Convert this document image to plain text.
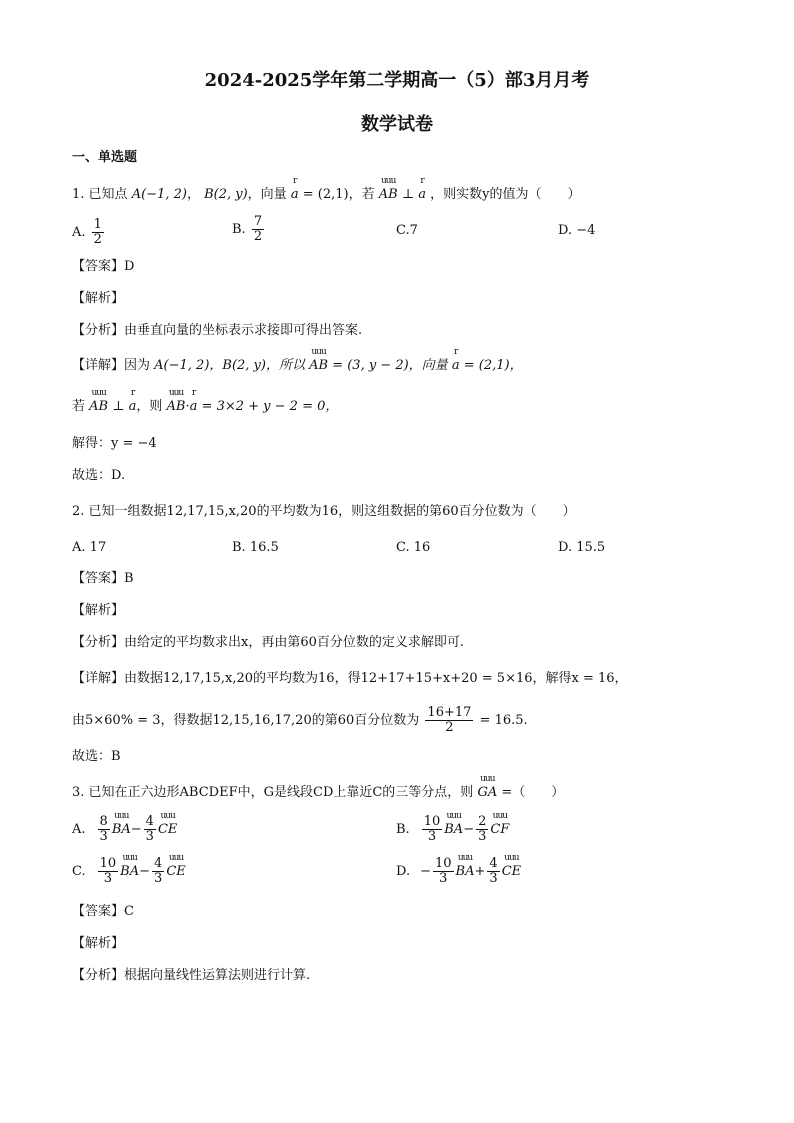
2024-2025学年第二学期高一（5）部3月月考
数学试卷
一、单选题
1. 已知点 A(−1, 2)， B(2, y)，向量
r
a = (2,1)，若
uuu
AB ⊥
r
a ，则实数y的值为（　　）
A. $\frac{1}{2}$	B. $\frac{7}{2}$	C.7	D. −4
【答案】D
【解析】
【分析】由垂直向量的坐标表示求接即可得出答案.
【详解】因为 A(−1, 2)，B(2, y)，所以
uuu
AB = (3, y − 2)，向量
r
a = (2,1)，
若
uuu
AB ⊥
r
a，则
uuu
AB·
r
a = 3×2 + y − 2 = 0，
解得：y = −4
故选：D.
2. 已知一组数据12,17,15,x,20的平均数为16，则这组数据的第60百分位数为（　　）
A. 17	B. 16.5	C. 16	D. 15.5
【答案】B
【解析】
【分析】由给定的平均数求出x，再由第60百分位数的定义求解即可.
【详解】由数据12,17,15,x,20的平均数为16，得12+17+15+x+20 = 5×16，解得x = 16，
由5×60% = 3，得数据12,15,16,17,20的第60百分位数为 $\frac{16+17}{2} = 16.5$.
故选：B
3. 已知在正六边形ABCDEF中，G是线段CD上靠近C的三等分点，则
uuu
GA =（　　）
A. $\frac{8}{3}$ uuu
BA − $\frac{4}{3}$ uuu
CE	B. $\frac{10}{3}$ uuu
BA − $\frac{2}{3}$ uuu
CF
C. $\frac{10}{3}$ uuu
BA − $\frac{4}{3}$ uuu
CE	D. − $\frac{10}{3}$ uuu
BA + $\frac{4}{3}$ uuu
CE
【答案】C
【解析】
【分析】根据向量线性运算法则进行计算.
